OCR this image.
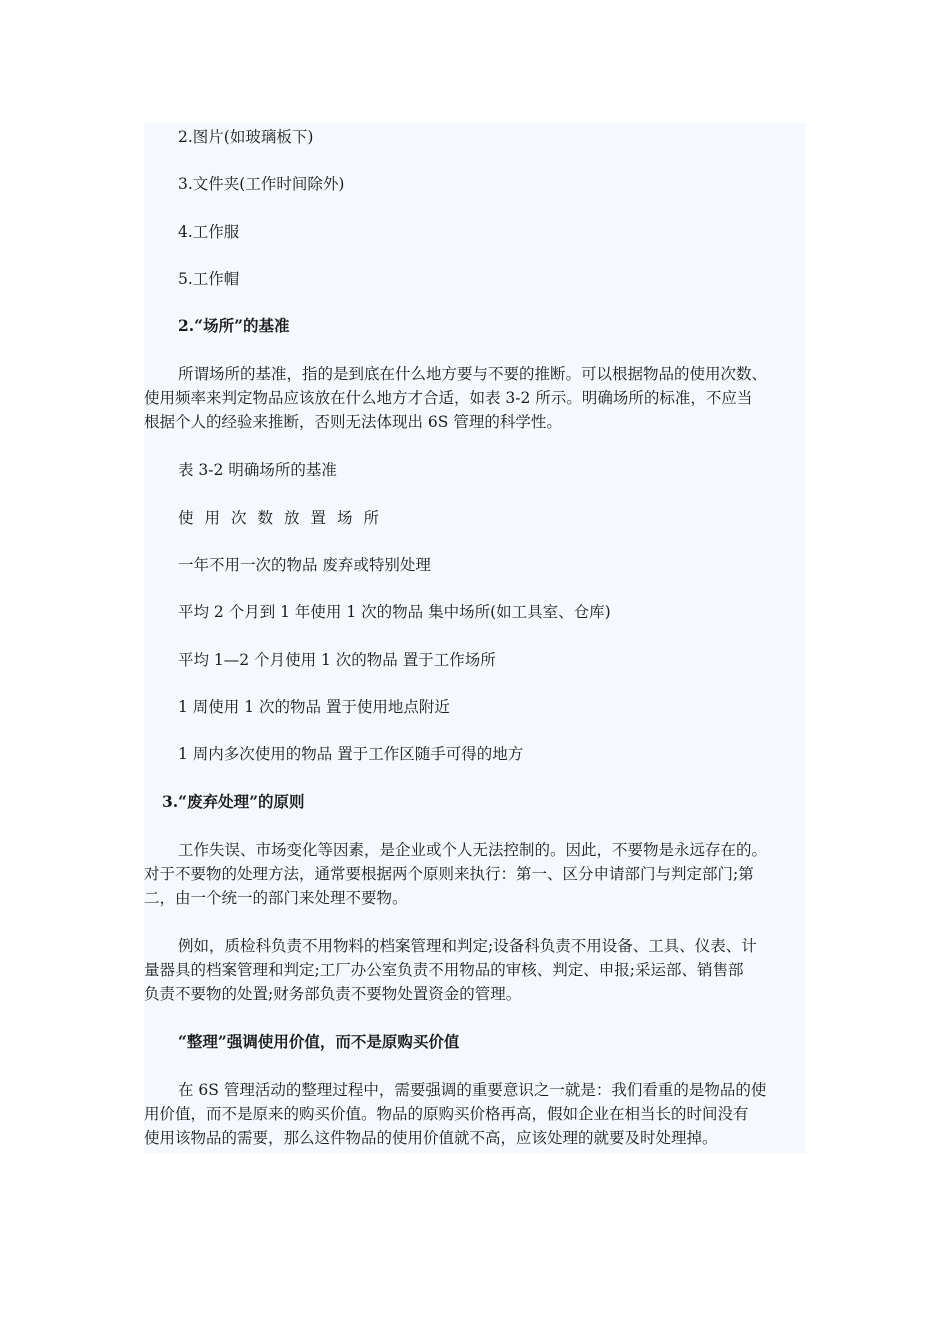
2.图片(如玻璃板下)
3.文件夹(工作时间除外)
4.工作服
5.工作帽
2.“场所”的基准
所谓场所的基准，指的是到底在什么地方要与不要的推断。可以根据物品的使用次数、
使用频率来判定物品应该放在什么地方才合适，如表 3-2 所示。明确场所的标准，不应当
根据个人的经验来推断，否则无法体现出 6S 管理的科学性。
表 3-2 明确场所的基准
使用次数放置场所
一年不用一次的物品 废弃或特别处理
平均 2 个月到 1 年使用 1 次的物品 集中场所(如工具室、仓库)
平均 1—2 个月使用 1 次的物品 置于工作场所
1 周使用 1 次的物品 置于使用地点附近
1 周内多次使用的物品 置于工作区随手可得的地方
3.“废弃处理”的原则
工作失误、市场变化等因素，是企业或个人无法控制的。因此，不要物是永远存在的。
对于不要物的处理方法，通常要根据两个原则来执行：第一、区分申请部门与判定部门;第
二，由一个统一的部门来处理不要物。
例如，质检科负责不用物料的档案管理和判定;设备科负责不用设备、工具、仪表、计
量器具的档案管理和判定;工厂办公室负责不用物品的审核、判定、申报;采运部、销售部
负责不要物的处置;财务部负责不要物处置资金的管理。
“整理”强调使用价值，而不是原购买价值
在 6S 管理活动的整理过程中，需要强调的重要意识之一就是：我们看重的是物品的使
用价值，而不是原来的购买价值。物品的原购买价格再高，假如企业在相当长的时间没有
使用该物品的需要，那么这件物品的使用价值就不高，应该处理的就要及时处理掉。
